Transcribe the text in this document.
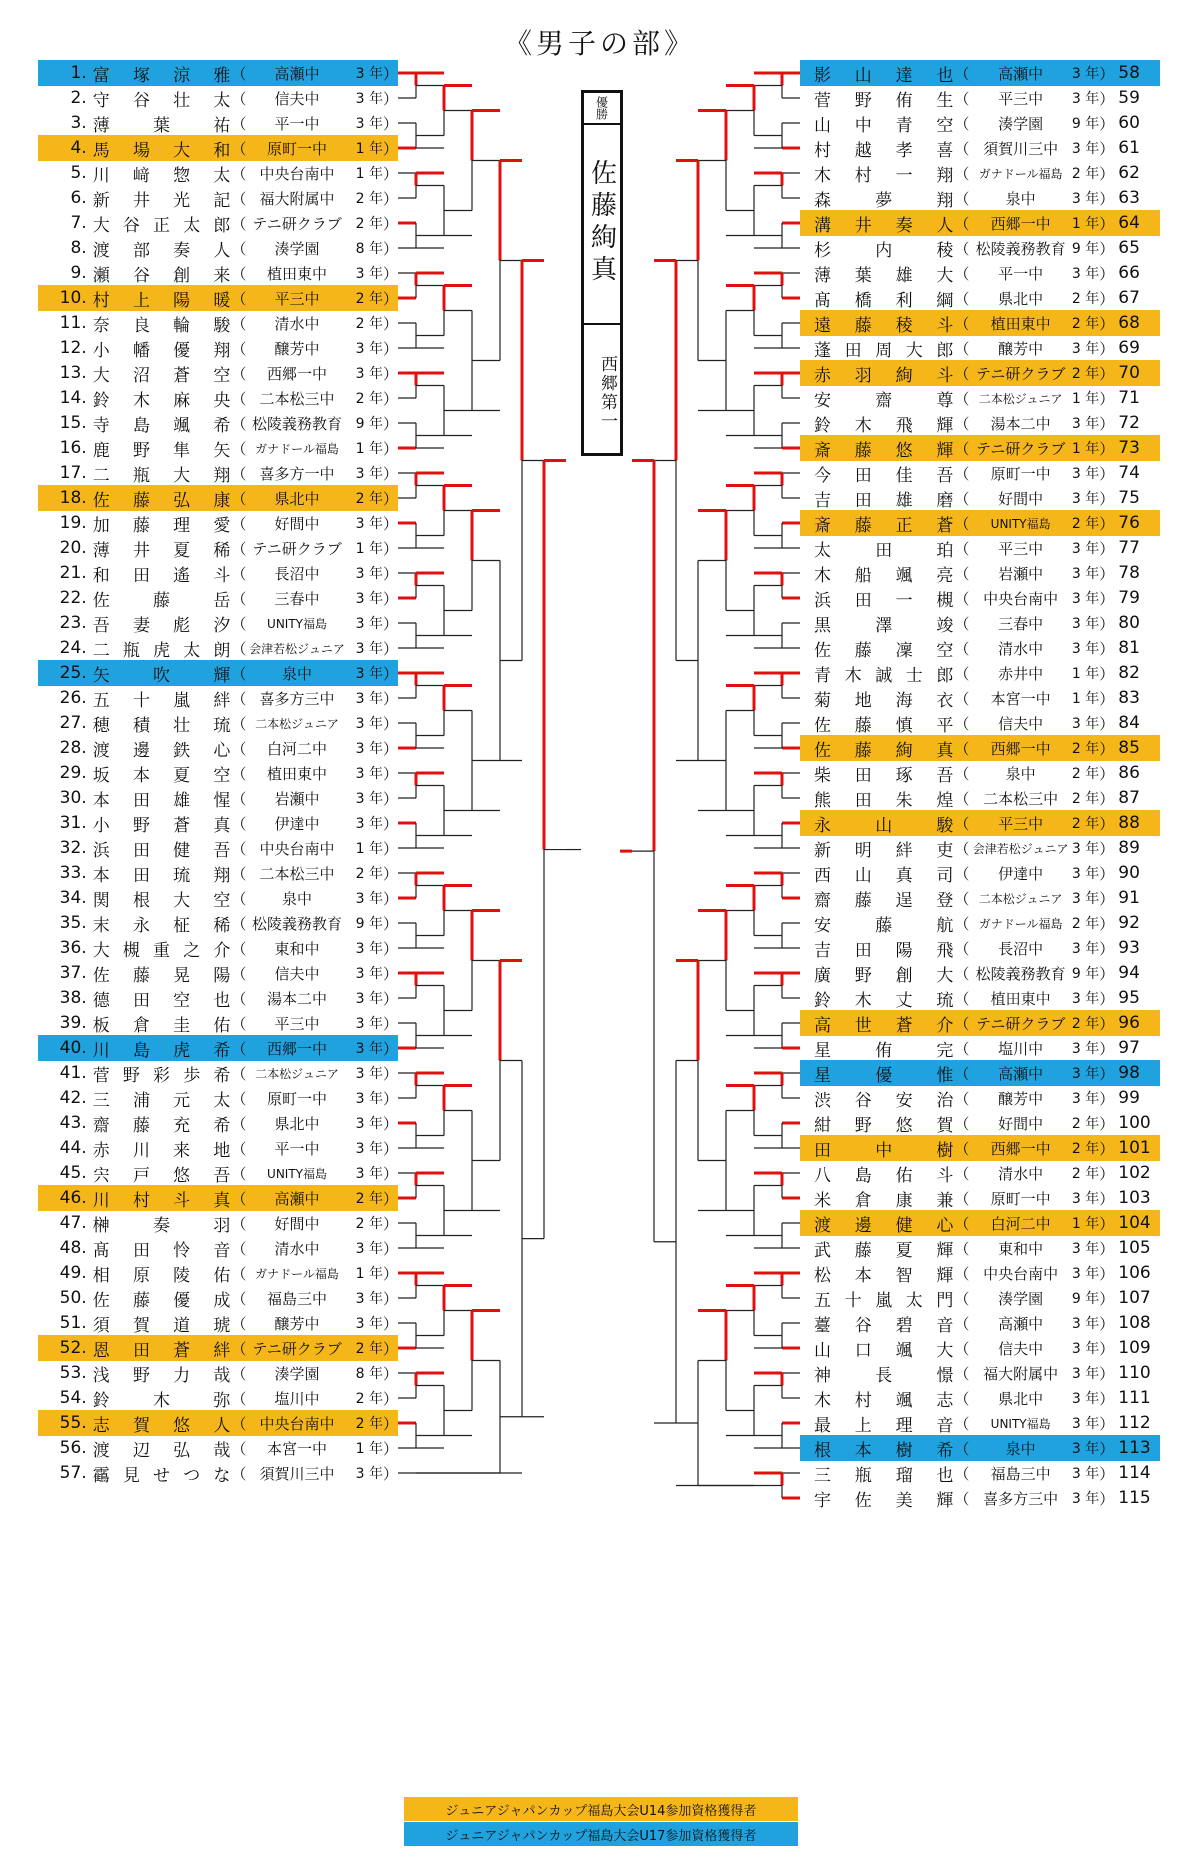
《男子の部》
1. 富塚涼雅 （	高瀬中	3 年 ）
2. 守谷壮太 （	信夫中	3 年 ）
3. 薄葉祐 （	平一中	3 年 ）
4. 馬場大和 （	原町一中	1 年 ）
5. 川﨑惣太 （ 中央台南中	1 年 ）
6. 新井光記 （ 福大附属中	2 年 ）
7. 大谷正太郎 （ テニ研クラブ 2 年 ）
8. 渡部奏人 （	湊学園	8 年 ）
9. 瀬谷創来 （	植田東中	3 年 ）
10. 村上陽暖 （	平三中	2 年 ）
11. 奈良輪駿 （	清水中	2 年 ）
12. 小幡優翔 （	醸芳中	3 年 ）
13. 大沼蒼空 （	西郷一中	3 年 ）
14. 鈴木麻央 （ 二本松三中	2 年 ）
15. 寺島颯希 （ 松陵義務教育 9 年 ）
16. 鹿野隼矢 （ ガナドール福島	1 年 ）
17. 二瓶大翔 （ 喜多方一中	3 年 ）
18. 佐藤弘康 （	県北中	2 年 ）
19. 加藤理愛 （	好間中	3 年 ）
20. 薄井夏稀 （ テニ研クラブ 1 年 ）
21. 和田遙斗 （	長沼中	3 年 ）
22. 佐藤岳 （	三春中	3 年 ）
23. 吾妻彪汐 （	UNITY福島	3 年 ）
24. 二瓶虎太朗 （ 会津若松ジュニア 3 年 ）
25. 矢吹輝 （	泉中	3 年 ）
26. 五十嵐絆 （ 喜多方三中	3 年 ）
27. 穂積壮琉 （ 二本松ジュニア	3 年 ）
28. 渡邊鉄心 （	白河二中	3 年 ）
29. 坂本夏空 （	植田東中	3 年 ）
30. 本田雄惺 （	岩瀬中	3 年 ）
31. 小野蒼真 （	伊達中	3 年 ）
32. 浜田健吾 （ 中央台南中	1 年 ）
33. 本田琉翔 （ 二本松三中	2 年 ）
34. 関根大空 （	泉中	3 年 ）
35. 末永柾稀 （ 松陵義務教育 9 年 ）
36. 大槻重之介 （	東和中	3 年 ）
37. 佐藤晃陽 （	信夫中	3 年 ）
38. 德田空也 （	湯本二中	3 年 ）
39. 板倉圭佑 （	平三中	3 年 ）
40. 川島虎希 （	西郷一中	3 年 ）
41. 菅野彩歩希 （ 二本松ジュニア	3 年 ）
42. 三浦元太 （	原町一中	3 年 ）
43. 齋藤充希 （	県北中	3 年 ）
44. 赤川来地 （	平一中	3 年 ）
45. 宍戸悠吾 （	UNITY福島	3 年 ）
46. 川村斗真 （	高瀬中	2 年 ）
47. 榊奏羽 （	好間中	2 年 ）
48. 髙田怜音 （	清水中	3 年 ）
49. 相原陵佑 （ ガナドール福島	1 年 ）
50. 佐藤優成 （	福島三中	3 年 ）
51. 須賀道琥 （	醸芳中	3 年 ）
52. 恩田蒼絆 （ テニ研クラブ 2 年 ）
53. 浅野力哉 （	湊学園	8 年 ）
54. 鈴木弥 （	塩川中	2 年 ）
55. 志賀悠人 （ 中央台南中	2 年 ）
56. 渡辺弘哉 （	本宮一中	1 年 ）
57. 靍見せつな （ 須賀川三中	3 年 ）
影山達也 （	高瀬中	3 年 ） 58
菅野侑生 （	平三中	3 年 ） 59
山中青空 （	湊学園	9 年 ） 60
村越孝喜 （ 須賀川三中 3 年 ） 61
木村一翔 （ ガナドール福島 2 年 ） 62
森夢翔 （	泉中	3 年 ） 63
溝井奏人 （	西郷一中	1 年 ） 64
杉内稜 （ 松陵義務教育 9 年 ） 65
薄葉雄大 （	平一中	3 年 ） 66
髙橋利綱 （	県北中	2 年 ） 67
遠藤稜斗 （	植田東中	2 年 ） 68
蓬田周大郎 （	醸芳中	3 年 ） 69
赤羽絢斗 （ テニ研クラブ 2 年 ） 70
安齋尊 （ 二本松ジュニア 1 年 ） 71
鈴木飛輝 （	湯本二中	3 年 ） 72
斎藤悠輝 （ テニ研クラブ 1 年 ） 73
今田佳吾 （	原町一中	3 年 ） 74
吉田雄磨 （	好間中	3 年 ） 75
斎藤正蒼 （	UNITY福島	2 年 ） 76
太田珀 （	平三中	3 年 ） 77
木船颯亮 （	岩瀬中	3 年 ） 78
浜田一槻 （ 中央台南中 3 年 ） 79
黒澤竣 （	三春中	3 年 ） 80
佐藤凜空 （	清水中	3 年 ） 81
青木誠士郎 （	赤井中	1 年 ） 82
菊地海衣 （	本宮一中	1 年 ） 83
佐藤慎平 （	信夫中	3 年 ） 84
佐藤絢真 （	西郷一中	2 年 ） 85
柴田琢吾 （	泉中	2 年 ） 86
熊田朱煌 （ 二本松三中 2 年 ） 87
永山駿 （	平三中	2 年 ） 88
新明絆吏 （ 会津若松ジュニア 3 年 ） 89
西山真司 （	伊達中	3 年 ） 90
齋藤逞登 （ 二本松ジュニア 3 年 ） 91
安藤航 （ ガナドール福島 2 年 ） 92
吉田陽飛 （	長沼中	3 年 ） 93
廣野創大 （ 松陵義務教育 9 年 ） 94
鈴木丈琉 （	植田東中	3 年 ） 95
高世蒼介 （ テニ研クラブ 2 年 ） 96
星侑完 （	塩川中	3 年 ） 97
星優惟 （	高瀬中	3 年 ） 98
渋谷安治 （	醸芳中	3 年 ） 99
紺野悠賀 （	好間中	2 年 ） 100
田中樹 （	西郷一中	2 年 ） 101
八島佑斗 （	清水中	2 年 ） 102
米倉康兼 （	原町一中	3 年 ） 103
渡邊健心 （	白河二中	1 年 ） 104
武藤夏輝 （	東和中	3 年 ） 105
松本智輝 （ 中央台南中 3 年 ） 106
五十嵐太門 （	湊学園	9 年 ） 107
薹谷碧音 （	高瀬中	3 年 ） 108
山口颯大 （	信夫中	3 年 ） 109
神長憬 （ 福大附属中 3 年 ） 110
木村颯志 （	県北中	3 年 ） 111
最上理音 （	UNITY福島	3 年 ） 112
根本樹希 （	泉中	3 年 ） 113
三瓶瑠也 （	福島三中	3 年 ） 114
宇佐美輝 （ 喜多方三中 3 年 ） 115
優勝
佐藤絢真
西郷第一
ジュニアジャパンカップ福島大会U14参加資格獲得者
ジュニアジャパンカップ福島大会U17参加資格獲得者
